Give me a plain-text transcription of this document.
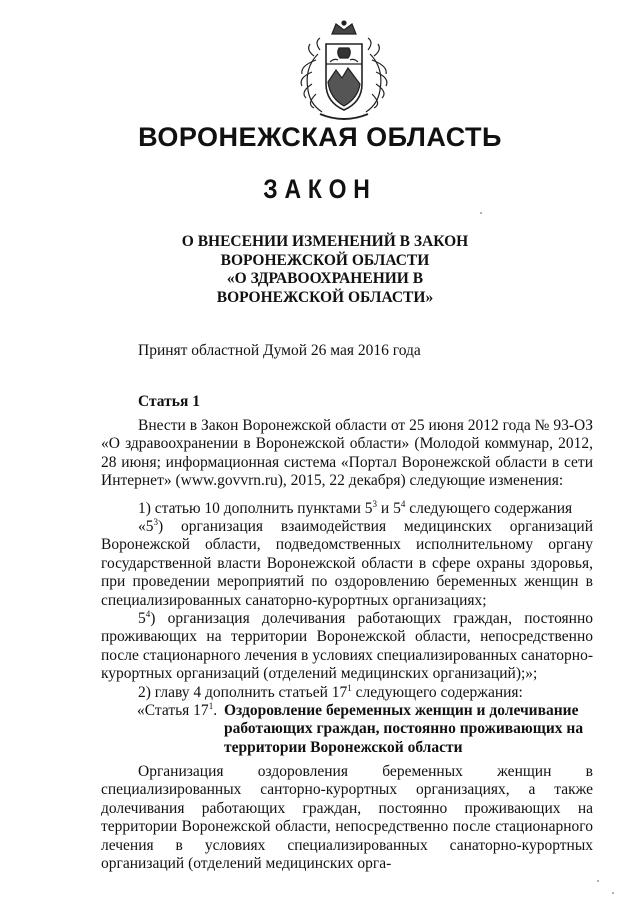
ВОРОНЕЖСКАЯ ОБЛАСТЬ
ЗАКОН
О ВНЕСЕНИИ ИЗМЕНЕНИЙ В ЗАКОН
ВОРОНЕЖСКОЙ ОБЛАСТИ
«О ЗДРАВООХРАНЕНИИ В
ВОРОНЕЖСКОЙ ОБЛАСТИ»
Принят областной Думой 26 мая 2016 года
Статья 1

Внести в Закон Воронежской области от 25 июня 2012 года № 93-ОЗ «О здравоохранении в Воронежской области» (Молодой коммунар, 2012, 28 июня; информационная система «Портал Воронежской области в сети Интернет» (www.govvrn.ru), 2015, 22 декабря) следующие изменения:

1) статью 10 дополнить пунктами $5^3$ и $5^4$ следующего содержания

«$5^3$) организация взаимодействия медицинских организаций Воронежской области, подведомственных исполнительному органу государственной власти Воронежской области в сфере охраны здоровья, при проведении мероприятий по оздоровлению беременных женщин в специализированных санаторно-курортных организациях;

$5^4$) организация долечивания работающих граждан, постоянно проживающих на территории Воронежской области, непосредственно после стационарного лечения в условиях специализированных санаторно-курортных организаций (отделений медицинских организаций);»;

2) главу 4 дополнить статьей $17^1$ следующего содержания:

«Статья $17^1$. Оздоровление беременных женщин и долечивание работающих граждан, постоянно проживающих на территории Воронежской области

Организация оздоровления беременных женщин в специализированных санторно-курортных организациях, а также долечивания работающих граждан, постоянно проживающих на территории Воронежской области, непосредственно после стационарного лечения в условиях специализированных санаторно-курортных организаций (отделений медицинских орга-
